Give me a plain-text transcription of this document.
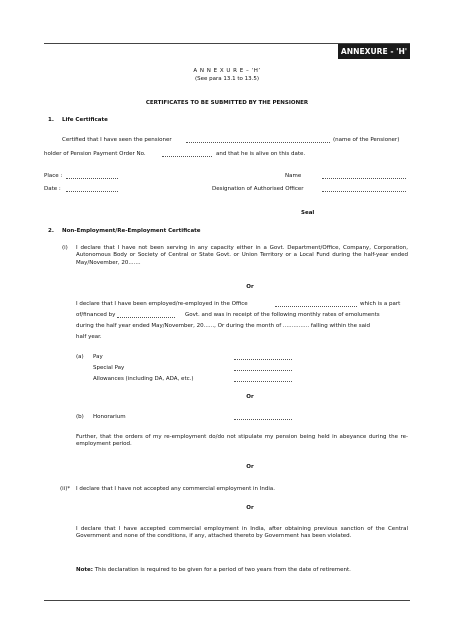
ANNEXURE - 'H'
A N N E X U R E – ‘H’
(See para 13.1 to 13.5)
CERTIFICATES TO BE SUBMITTED BY THE PENSIONER
1. Life Certificate
Certified that I have seen the pensioner	(name of the Pensioner)
holder of Pension Payment Order No.	and that he is alive on this date.
Place :	Name
Date :	Designation of Authorised Officer
Seal
2. Non-Employment/Re-Employment Certificate
(i) I declare that I have not been serving in any capacity either in a Govt. Department/Office, Company, Corporation, Autonomous Body or Society of Central or State Govt. or Union Territory or a Local Fund during the half-year ended May/November, 20.......
Or
I declare that I have been employed/re-employed in the Office	which is a part
of/financed by	Govt. and was in receipt of the following monthly rates of emoluments
during the half year ended May/November, 20......, Or during the month of ............... falling within the said
half year.
(a) Pay
Special Pay
Allowances (including DA, ADA, etc.)
Or
(b) Honorarium
Further, that the orders of my re-employment do/do not stipulate my pension being held in abeyance during the re-employment period.
Or
(ii)* I declare that I have not accepted any commercial employment in India.
Or
I declare that I have accepted commercial employment in India, after obtaining previous sanction of the Central Government and none of the conditions, if any, attached thereto by Government has been violated.
Note: This declaration is required to be given for a period of two years from the date of retirement.
